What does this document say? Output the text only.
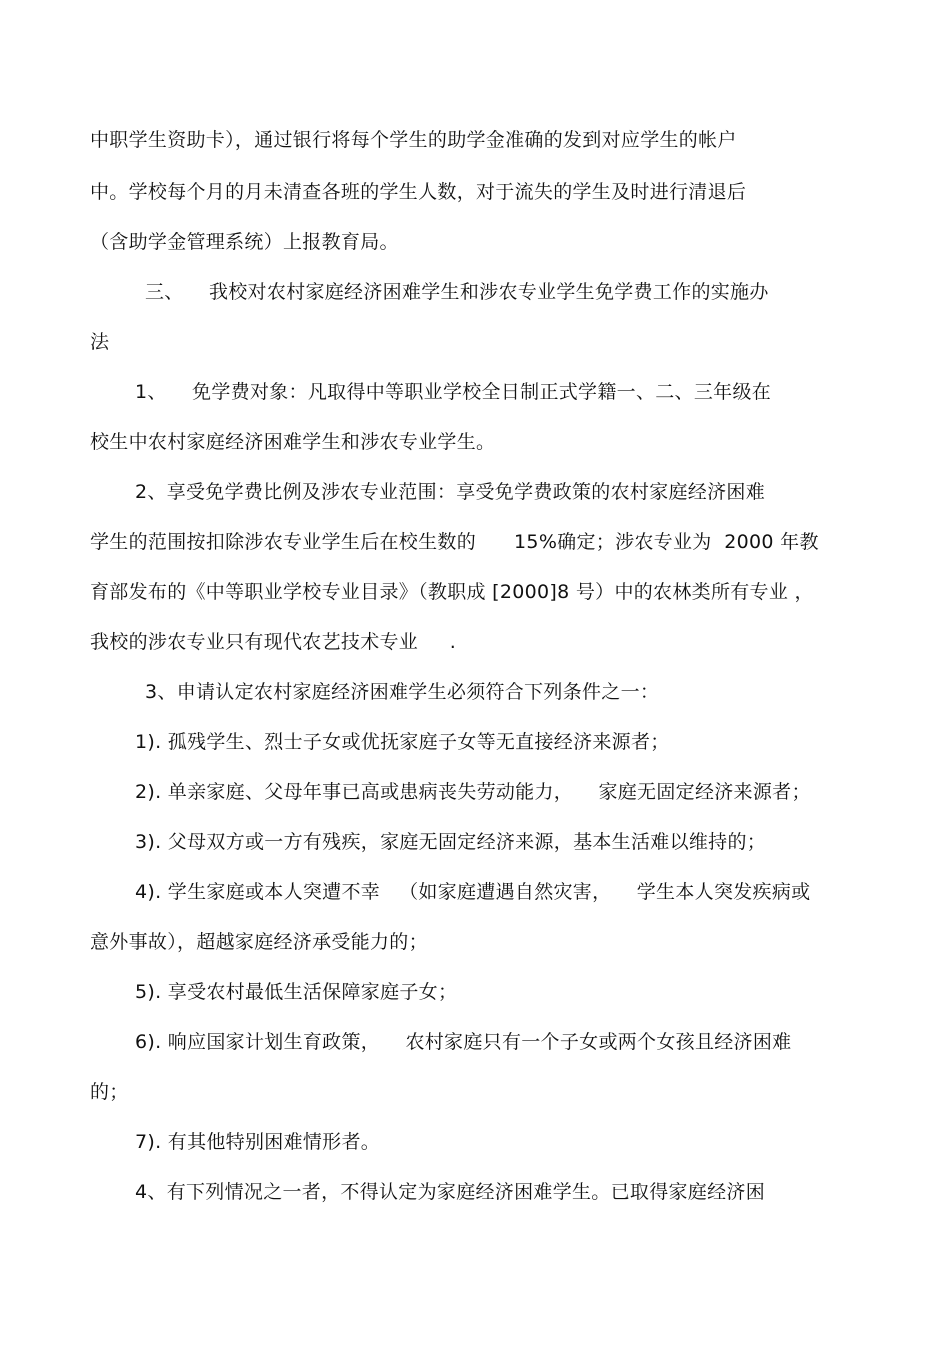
中职学生资助卡），通过银行将每个学生的助学金准确的发到对应学生的帐户
中。学校每个月的月未清查各班的学生人数，对于流失的学生及时进行清退后
（含助学金管理系统）上报教育局。
三、    我校对农村家庭经济困难学生和涉农专业学生免学费工作的实施办
法
1、    免学费对象：凡取得中等职业学校全日制正式学籍一、二、三年级在
校生中农村家庭经济困难学生和涉农专业学生。
2、享受免学费比例及涉农专业范围：享受免学费政策的农村家庭经济困难
学生的范围按扣除涉农专业学生后在校生数的      15%确定；涉农专业为  2000 年教
育部发布的《中等职业学校专业目录》（教职成 [2000]8 号）中的农林类所有专业 ，
我校的涉农专业只有现代农艺技术专业     .
3、申请认定农村家庭经济困难学生必须符合下列条件之一：
1). 孤残学生、烈士子女或优抚家庭子女等无直接经济来源者；
2). 单亲家庭、父母年事已高或患病丧失劳动能力，    家庭无固定经济来源者；
3). 父母双方或一方有残疾，家庭无固定经济来源，基本生活难以维持的；
4). 学生家庭或本人突遭不幸   （如家庭遭遇自然灾害，    学生本人突发疾病或
意外事故），超越家庭经济承受能力的；
5). 享受农村最低生活保障家庭子女；
6). 响应国家计划生育政策，    农村家庭只有一个子女或两个女孩且经济困难
的；
7). 有其他特别困难情形者。
4、有下列情况之一者，不得认定为家庭经济困难学生。已取得家庭经济困
